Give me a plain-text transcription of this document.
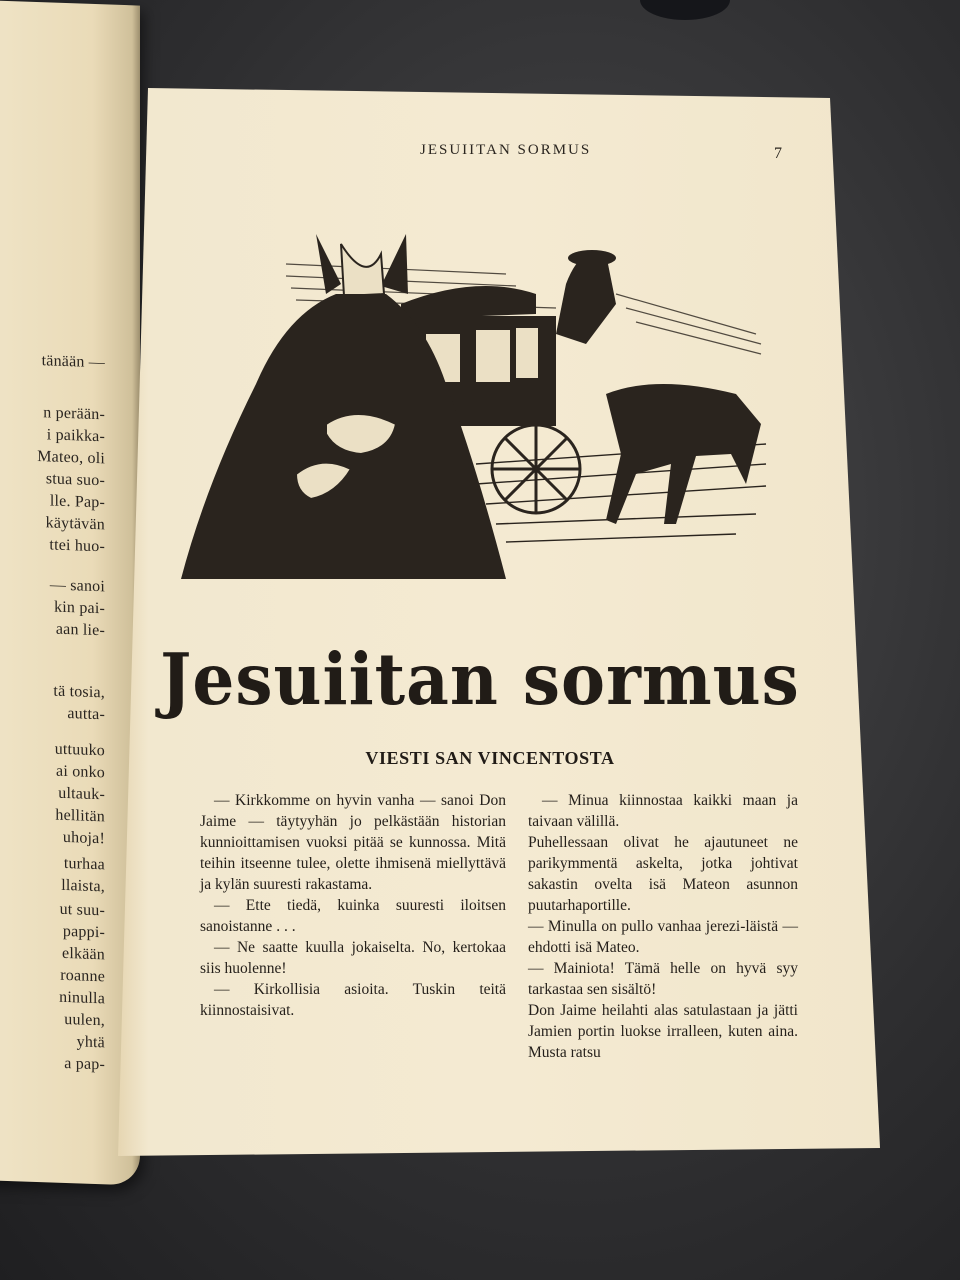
tänään —
n perään-
i paikka-
Mateo, oli
stua suo-
lle. Pap-
käytävän
ttei huo-
— sanoi
kin pai-
aan lie-
tä tosia,
autta-
uttuuko
ai onko
ultauk-
hellitän
uhoja!
turhaa
llaista,
ut suu-
pappi-
elkään
roanne
ninulla
uulen,
yhtä
a pap-
JESUIITAN SORMUS	7
Jesuiitan sormus
VIESTI SAN VINCENTOSTA

— Kirkkomme on hyvin vanha — sanoi Don Jaime — täytyyhän jo pelkästään historian kunnioittamisen vuoksi pitää se kunnossa. Mitä teihin itseenne tulee, olette ihmisenä miellyttävä ja kylän suuresti rakastama.

— Ette tiedä, kuinka suuresti iloitsen sanoistanne . . .

— Ne saatte kuulla jokaiselta. No, kertokaa siis huolenne!

— Kirkollisia asioita. Tuskin teitä kiinnostaisivat.

— Minua kiinnostaa kaikki maan ja taivaan välillä.

Puhellessaan olivat he ajautuneet ne parikymmentä askelta, jotka johtivat sakastin ovelta isä Mateon asunnon puutarhaportille.

— Minulla on pullo vanhaa jerezi-läistä — ehdotti isä Mateo.

— Mainiota! Tämä helle on hyvä syy tarkastaa sen sisältö!

Don Jaime heilahti alas satulastaan ja jätti Jamien portin luokse irralleen, kuten aina. Musta ratsu
